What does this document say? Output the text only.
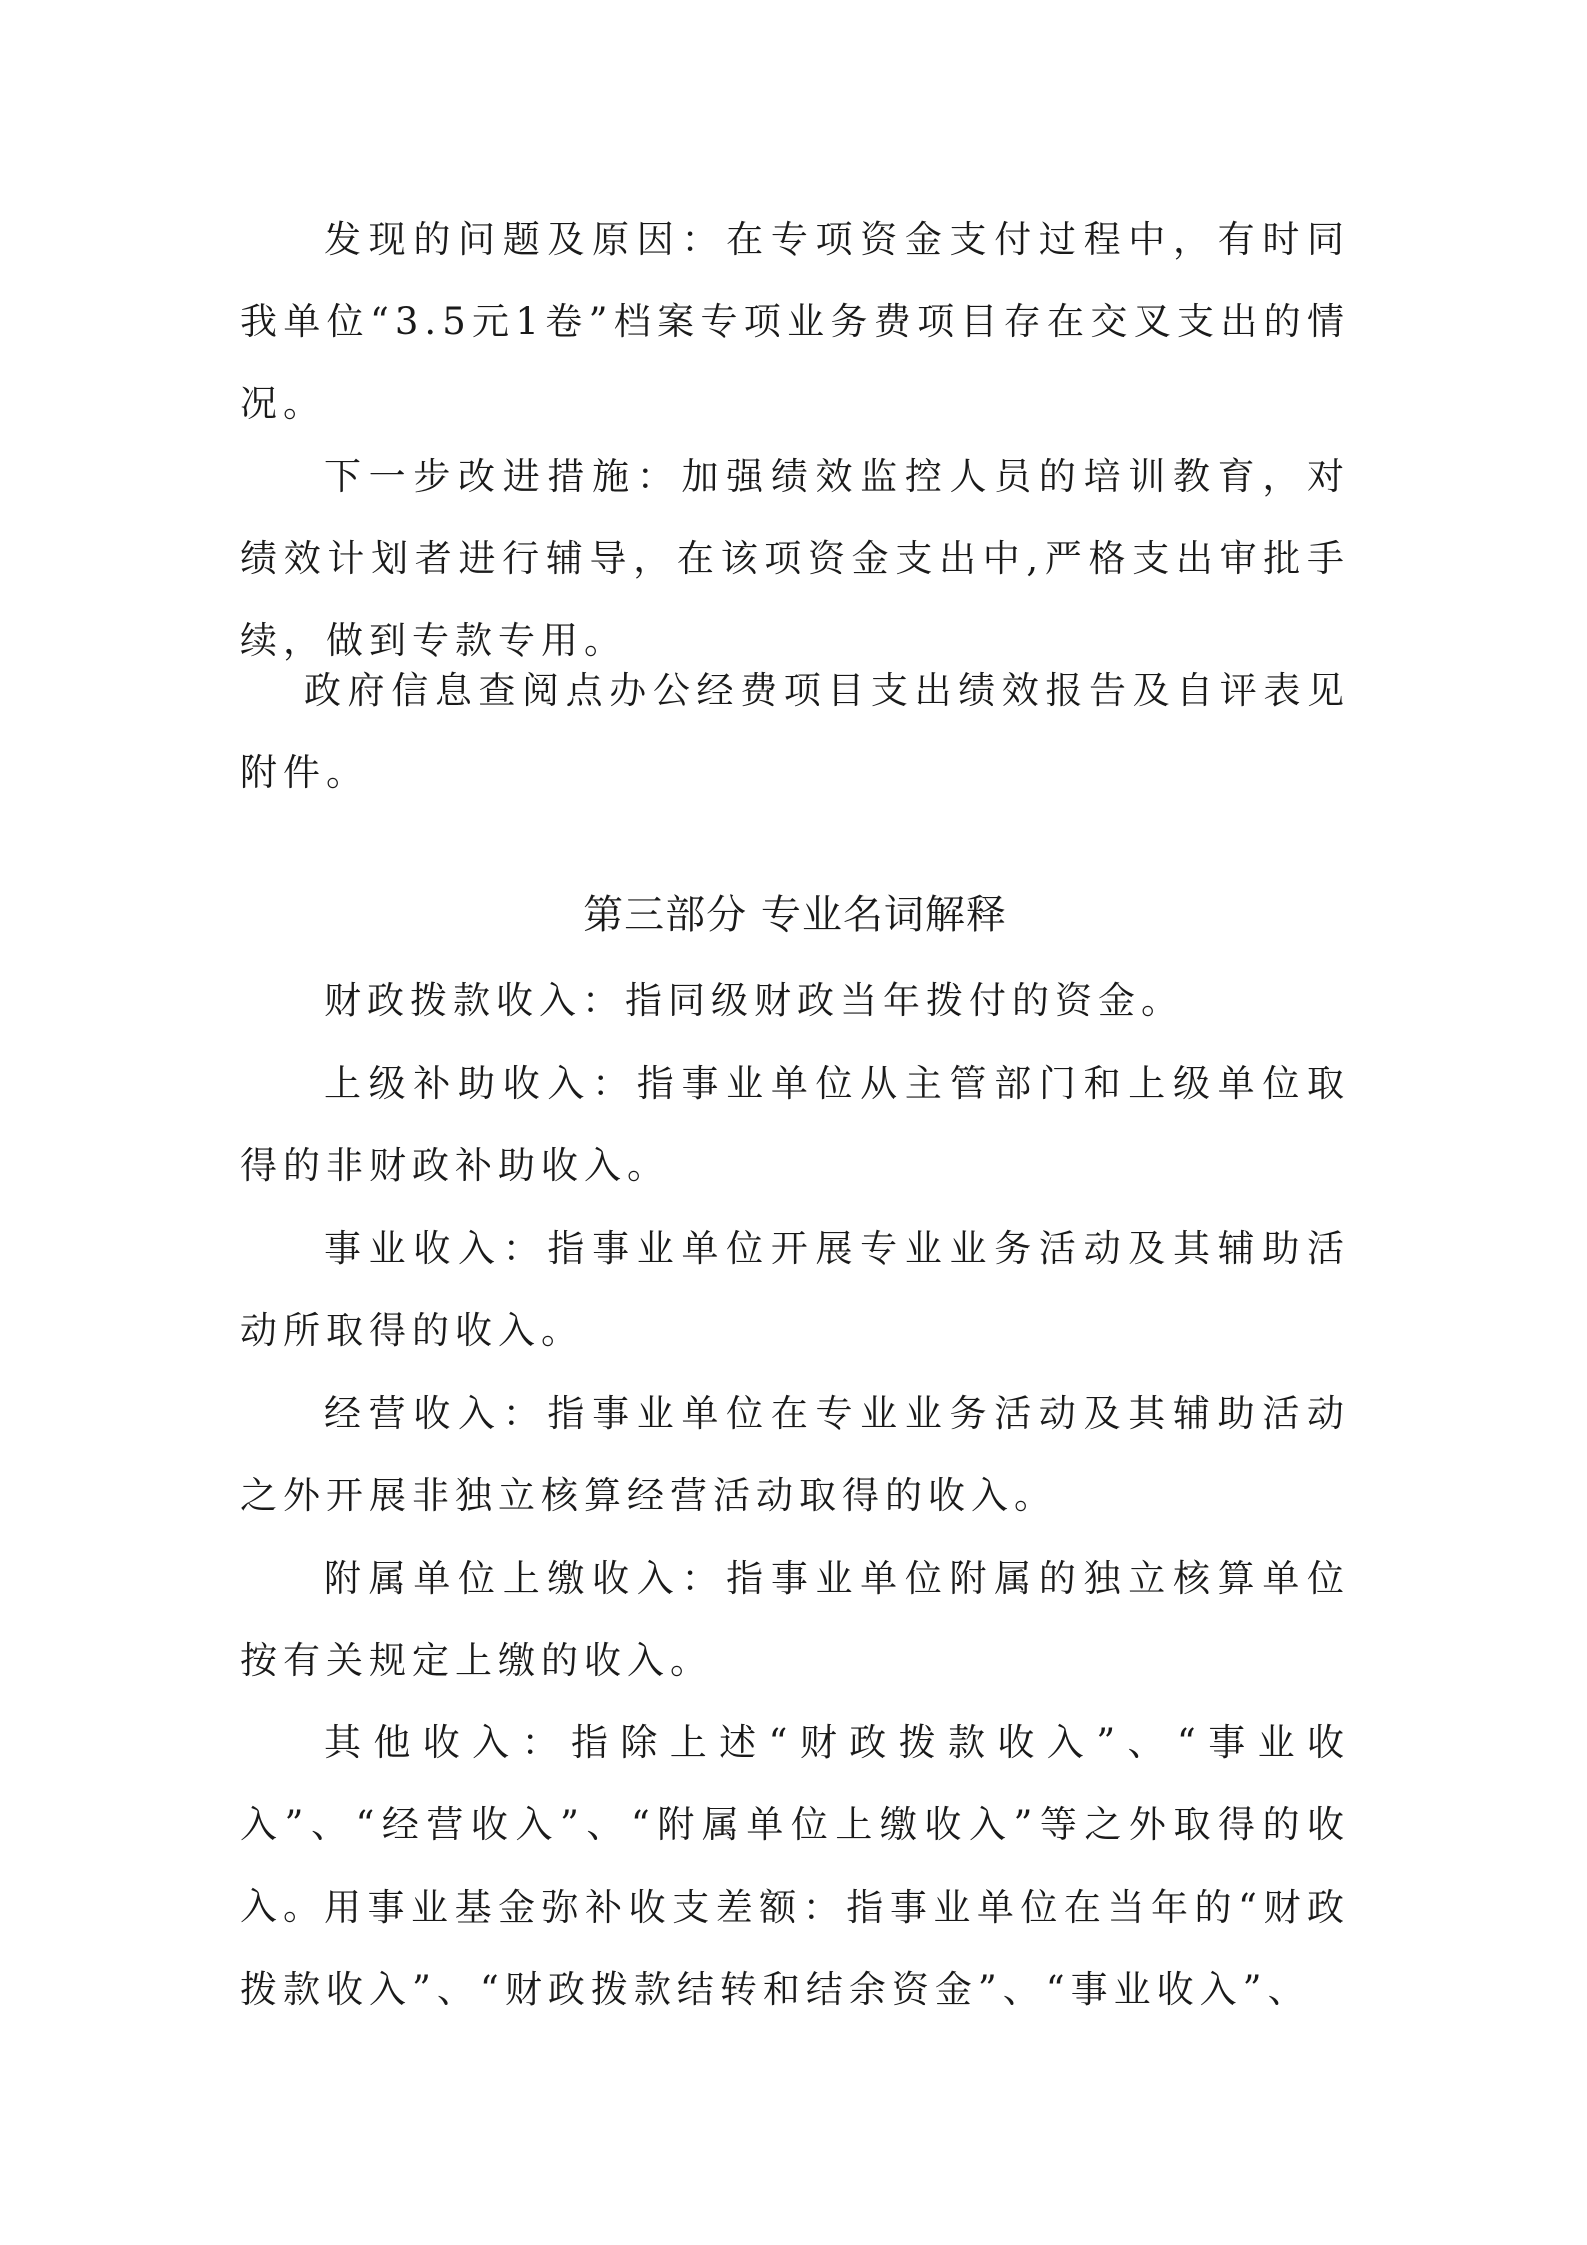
发现的问题及原因：在专项资金支付过程中，有时同我单位“3.5元1卷”档案专项业务费项目存在交叉支出的情况。

下一步改进措施：加强绩效监控人员的培训教育，对绩效计划者进行辅导，在该项资金支出中,严格支出审批手续，做到专款专用。

政府信息查阅点办公经费项目支出绩效报告及自评表见附件。

第三部分 专业名词解释

财政拨款收入：指同级财政当年拨付的资金。

上级补助收入：指事业单位从主管部门和上级单位取得的非财政补助收入。

事业收入：指事业单位开展专业业务活动及其辅助活动所取得的收入。

经营收入：指事业单位在专业业务活动及其辅助活动之外开展非独立核算经营活动取得的收入。

附属单位上缴收入：指事业单位附属的独立核算单位按有关规定上缴的收入。

其他收入：指除上述“财政拨款收入”、“事业收入”、“经营收入”、“附属单位上缴收入”等之外取得的收入。

用事业基金弥补收支差额：指事业单位在当年的“财政拨款收入”、“财政拨款结转和结余资金”、“事业收入”、
